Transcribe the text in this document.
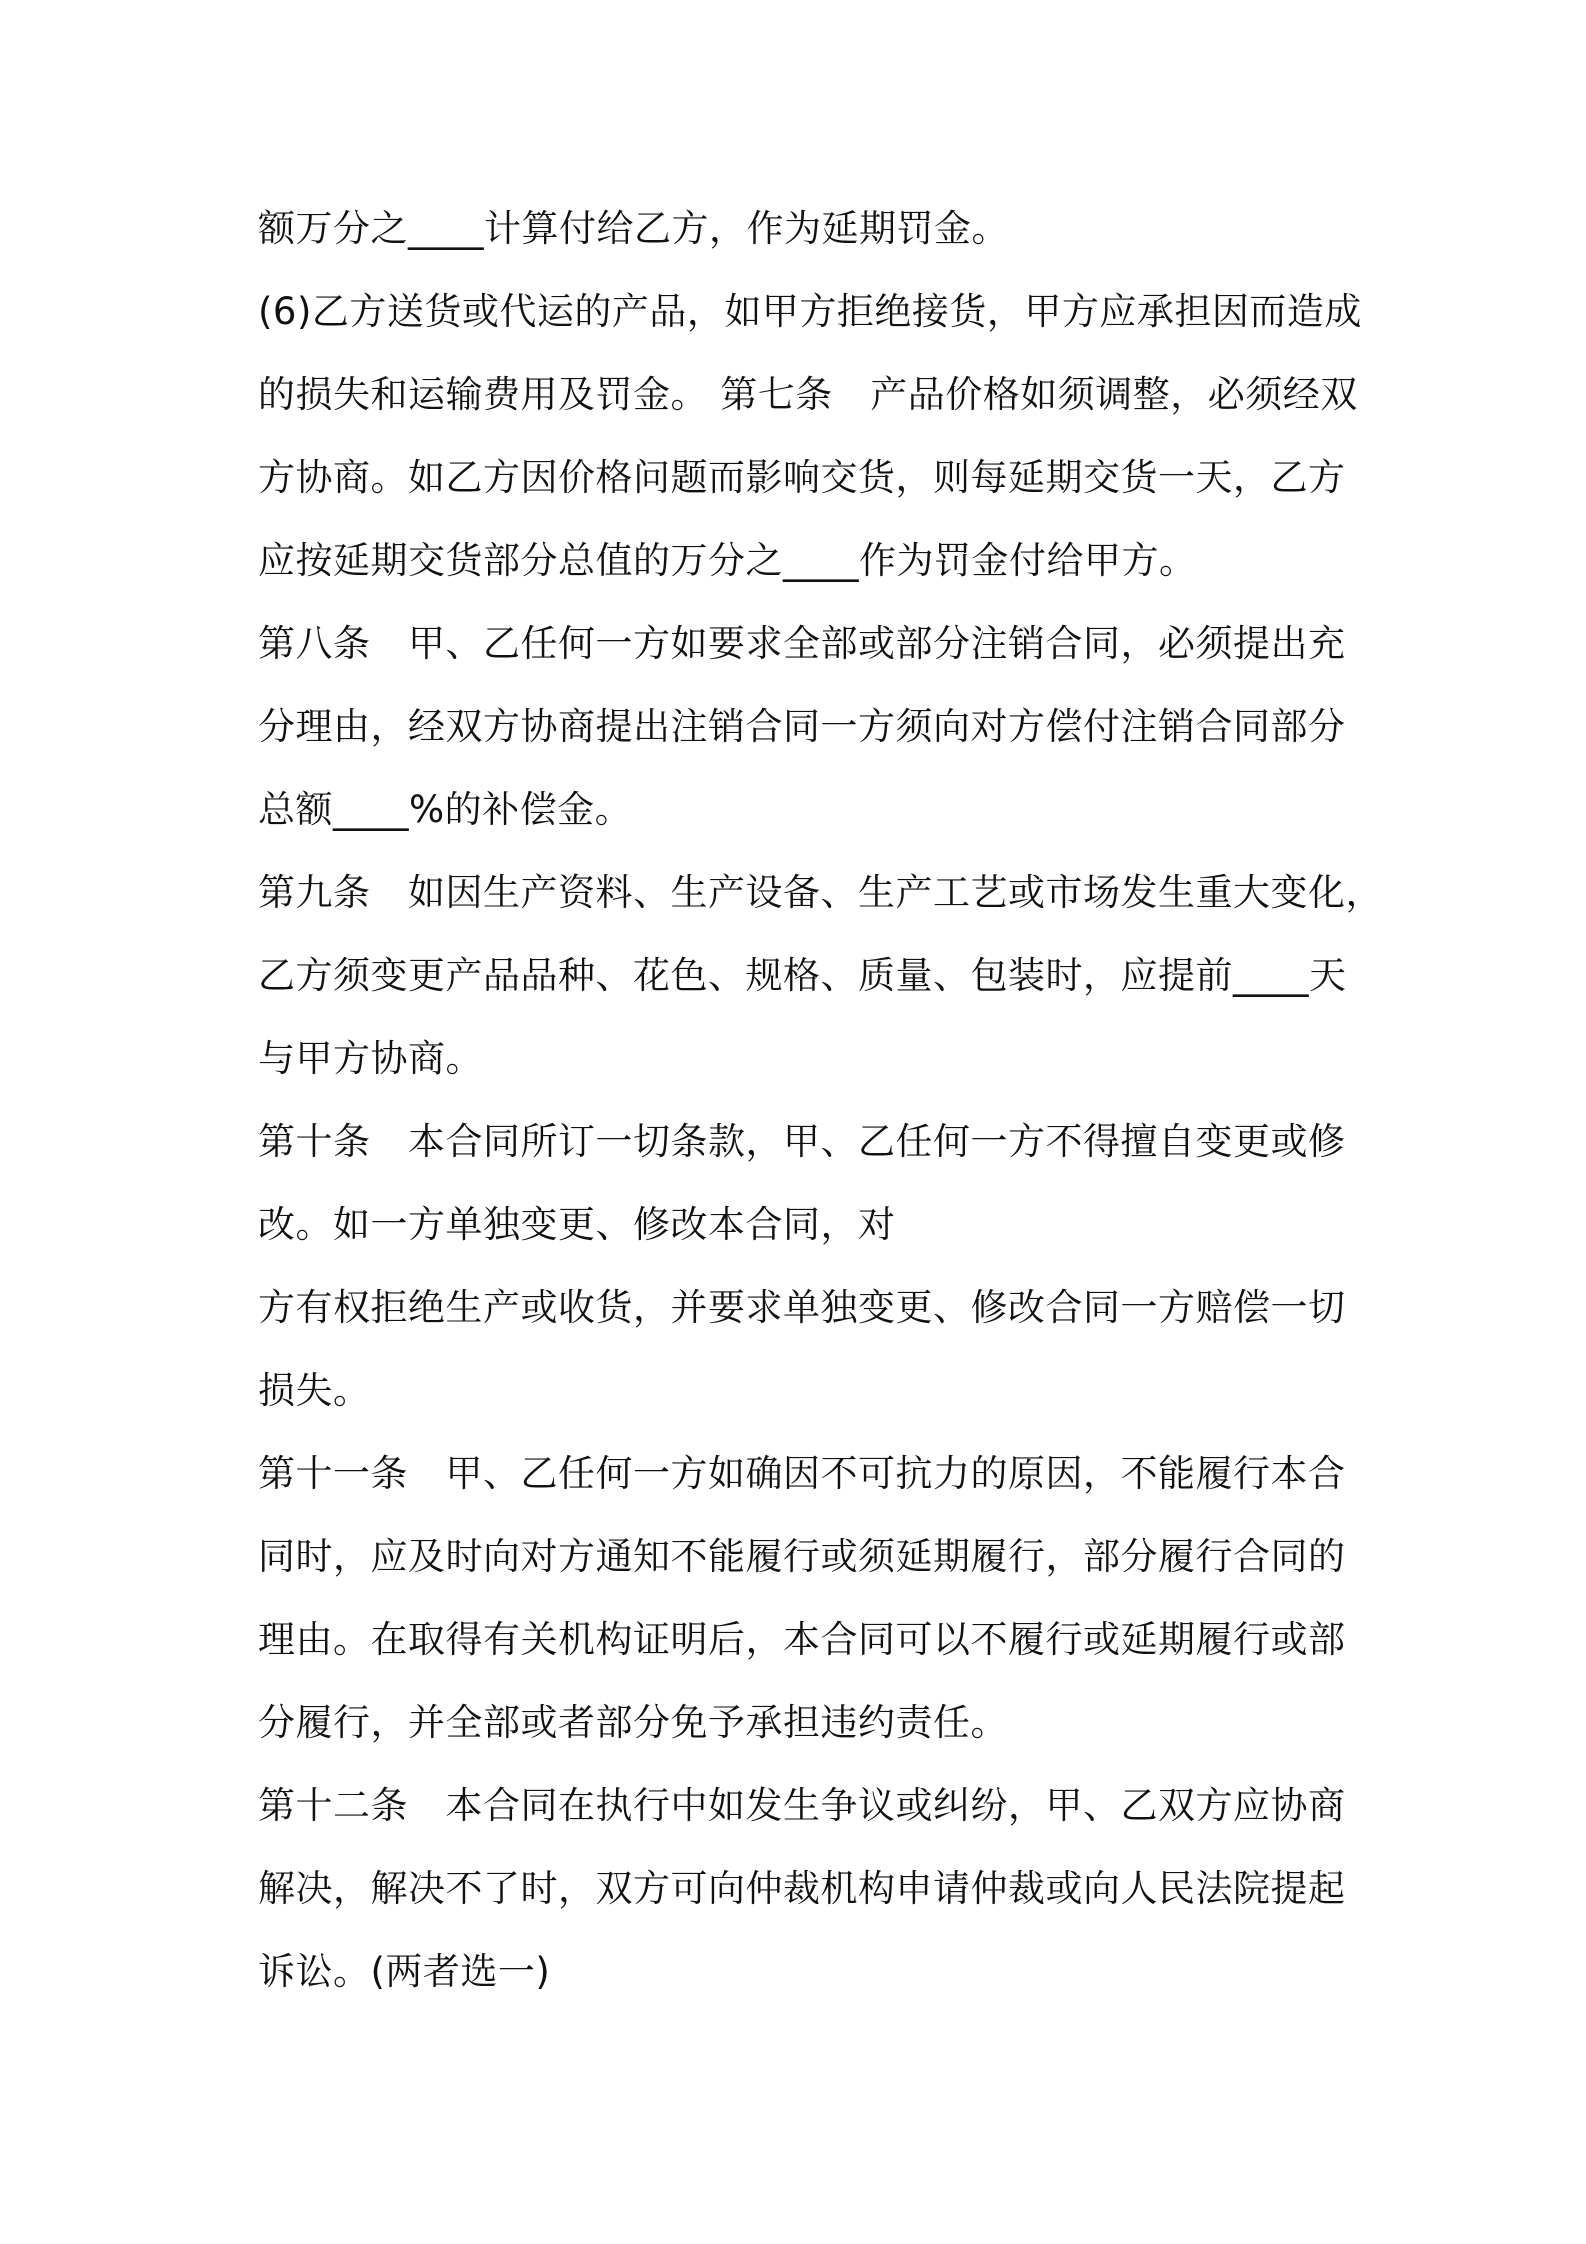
额万分之____计算付给乙方，作为延期罚金。
(6)乙方送货或代运的产品，如甲方拒绝接货，甲方应承担因而造成
的损失和运输费用及罚金。 第七条　产品价格如须调整，必须经双
方协商。如乙方因价格问题而影响交货，则每延期交货一天，乙方
应按延期交货部分总值的万分之____作为罚金付给甲方。
第八条　甲、乙任何一方如要求全部或部分注销合同，必须提出充
分理由，经双方协商提出注销合同一方须向对方偿付注销合同部分
总额____%的补偿金。
第九条　如因生产资料、生产设备、生产工艺或市场发生重大变化，
乙方须变更产品品种、花色、规格、质量、包装时，应提前____天
与甲方协商。
第十条　本合同所订一切条款，甲、乙任何一方不得擅自变更或修
改。如一方单独变更、修改本合同，对
方有权拒绝生产或收货，并要求单独变更、修改合同一方赔偿一切
损失。
第十一条　甲、乙任何一方如确因不可抗力的原因，不能履行本合
同时，应及时向对方通知不能履行或须延期履行，部分履行合同的
理由。在取得有关机构证明后，本合同可以不履行或延期履行或部
分履行，并全部或者部分免予承担违约责任。
第十二条　本合同在执行中如发生争议或纠纷，甲、乙双方应协商
解决，解决不了时，双方可向仲裁机构申请仲裁或向人民法院提起
诉讼。(两者选一)
